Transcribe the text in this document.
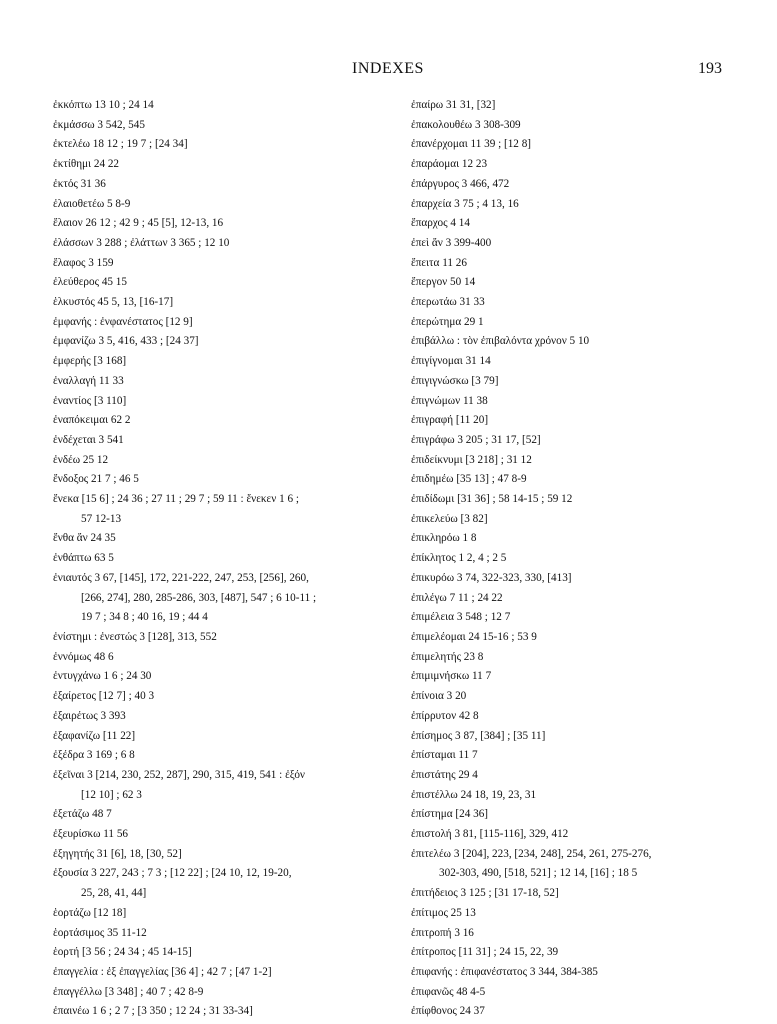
INDEXES	193
ἐκκόπτω 13 10 ; 24 14
ἐκμάσσω 3 542, 545
ἐκτελέω 18 12 ; 19 7 ; [24 34]
ἐκτίθημι 24 22
ἐκτός 31 36
ἐλαιοθετέω 5 8-9
ἔλαιον 26 12 ; 42 9 ; 45 [5], 12-13, 16
ἐλάσσων 3 288 ; ἐλάττων 3 365 ; 12 10
ἔλαφος 3 159
ἐλεύθερος 45 15
ἑλκυστός 45 5, 13, [16-17]
ἐμφανής : ἐνφανέστατος [12 9]
ἐμφανίζω 3 5, 416, 433 ; [24 37]
ἐμφερής [3 168]
ἐναλλαγή 11 33
ἐναντίος [3 110]
ἐναπόκειμαι 62 2
ἐνδέχεται 3 541
ἐνδέω 25 12
ἔνδοξος 21 7 ; 46 5
ἕνεκα [15 6] ; 24 36 ; 27 11 ; 29 7 ; 59 11 : ἕνεκεν 1 6 ;
57 12-13
ἔνθα ἄν 24 35
ἐνθάπτω 63 5
ἐνιαυτός 3 67, [145], 172, 221-222, 247, 253, [256], 260,
[266, 274], 280, 285-286, 303, [487], 547 ; 6 10-11 ;
19 7 ; 34 8 ; 40 16, 19 ; 44 4
ἐνίστημι : ἐνεστώς 3 [128], 313, 552
ἐννόμως 48 6
ἐντυγχάνω 1 6 ; 24 30
ἐξαίρετος [12 7] ; 40 3
ἐξαιρέτως 3 393
ἐξαφανίζω [11 22]
ἐξέδρα 3 169 ; 6 8
ἐξεῖναι 3 [214, 230, 252, 287], 290, 315, 419, 541 : ἐξόν
[12 10] ; 62 3
ἐξετάζω 48 7
ἐξευρίσκω 11 56
ἐξηγητής 31 [6], 18, [30, 52]
ἐξουσία 3 227, 243 ; 7 3 ; [12 22] ; [24 10, 12, 19-20,
25, 28, 41, 44]
ἑορτάζω [12 18]
ἑορτάσιμος 35 11-12
ἑορτή [3 56 ; 24 34 ; 45 14-15]
ἐπαγγελία : ἐξ ἐπαγγελίας [36 4] ; 42 7 ; [47 1-2]
ἐπαγγέλλω [3 348] ; 40 7 ; 42 8-9
ἐπαινέω 1 6 ; 2 7 ; [3 350 ; 12 24 ; 31 33-34]
ἐπαίρω 31 31, [32]
ἐπακολουθέω 3 308-309
ἐπανέρχομαι 11 39 ; [12 8]
ἐπαράομαι 12 23
ἐπάργυρος 3 466, 472
ἐπαρχεία 3 75 ; 4 13, 16
ἔπαρχος 4 14
ἐπεὶ ἄν 3 399-400
ἔπειτα 11 26
ἔπεργον 50 14
ἐπερωτάω 31 33
ἐπερώτημα 29 1
ἐπιβάλλω : τὸν ἐπιβαλόντα χρόνον 5 10
ἐπιγίγνομαι 31 14
ἐπιγιγνώσκω [3 79]
ἐπιγνώμων 11 38
ἐπιγραφή [11 20]
ἐπιγράφω 3 205 ; 31 17, [52]
ἐπιδείκνυμι [3 218] ; 31 12
ἐπιδημέω [35 13] ; 47 8-9
ἐπιδίδωμι [31 36] ; 58 14-15 ; 59 12
ἐπικελεύω [3 82]
ἐπικληρόω 1 8
ἐπίκλητος 1 2, 4 ; 2 5
ἐπικυρόω 3 74, 322-323, 330, [413]
ἐπιλέγω 7 11 ; 24 22
ἐπιμέλεια 3 548 ; 12 7
ἐπιμελέομαι 24 15-16 ; 53 9
ἐπιμελητής 23 8
ἐπιμιμνήσκω 11 7
ἐπίνοια 3 20
ἐπίρρυτον 42 8
ἐπίσημος 3 87, [384] ; [35 11]
ἐπίσταμαι 11 7
ἐπιστάτης 29 4
ἐπιστέλλω 24 18, 19, 23, 31
ἐπίστημα [24 36]
ἐπιστολή 3 81, [115-116], 329, 412
ἐπιτελέω 3 [204], 223, [234, 248], 254, 261, 275-276,
302-303, 490, [518, 521] ; 12 14, [16] ; 18 5
ἐπιτήδειος 3 125 ; [31 17-18, 52]
ἐπίτιμος 25 13
ἐπιτροπή 3 16
ἐπίτροπος [11 31] ; 24 15, 22, 39
ἐπιφανής : ἐπιφανέστατος 3 344, 384-385
ἐπιφανῶς 48 4-5
ἐπίφθονος 24 37
